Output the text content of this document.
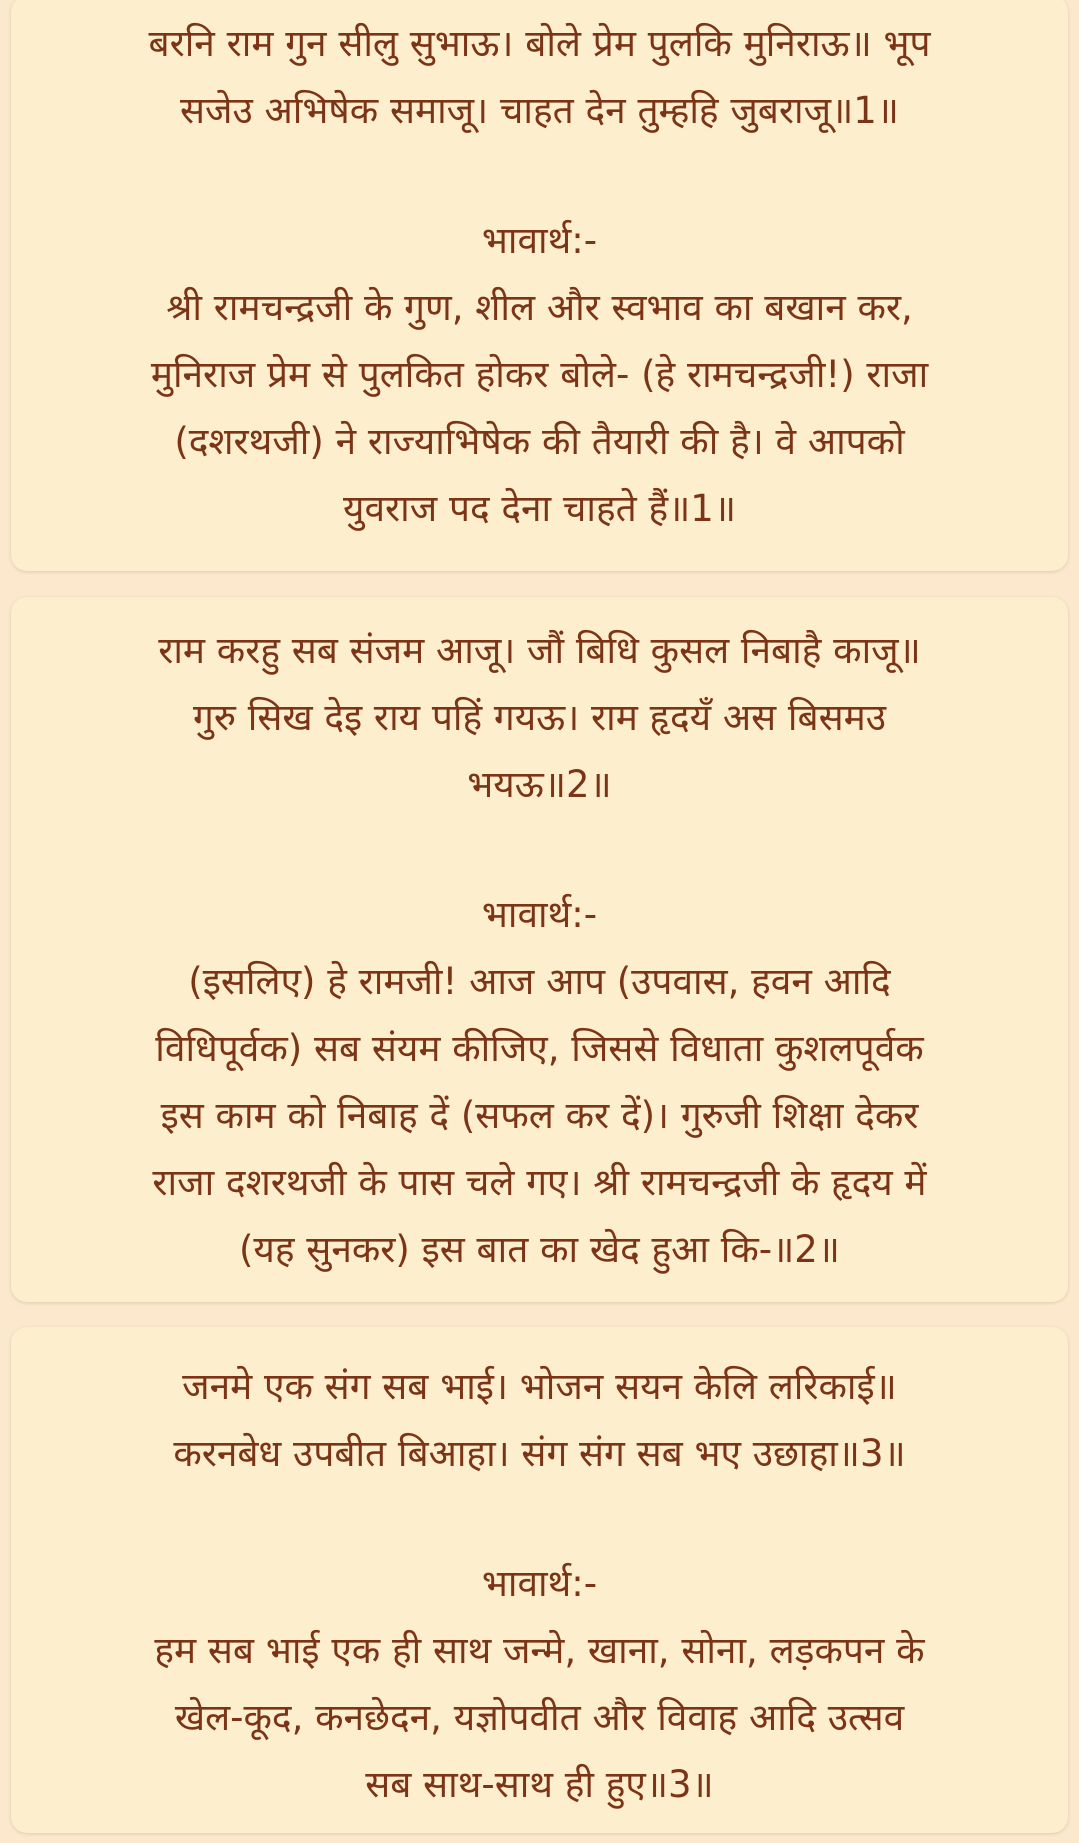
बरनि राम गुन सीलु सुभाऊ। बोले प्रेम पुलकि मुनिराऊ॥ भूप
सजेउ अभिषेक समाजू। चाहत देन तुम्हहि जुबराजू॥1॥
भावार्थ:-
श्री रामचन्द्रजी के गुण, शील और स्वभाव का बखान कर,
मुनिराज प्रेम से पुलकित होकर बोले- (हे रामचन्द्रजी!) राजा
(दशरथजी) ने राज्याभिषेक की तैयारी की है। वे आपको
युवराज पद देना चाहते हैं॥1॥
राम करहु सब संजम आजू। जौं बिधि कुसल निबाहै काजू॥
गुरु सिख देइ राय पहिं गयऊ। राम हृदयँ अस बिसमउ
भयऊ॥2॥
भावार्थ:-
(इसलिए) हे रामजी! आज आप (उपवास, हवन आदि
विधिपूर्वक) सब संयम कीजिए, जिससे विधाता कुशलपूर्वक
इस काम को निबाह दें (सफल कर दें)। गुरुजी शिक्षा देकर
राजा दशरथजी के पास चले गए। श्री रामचन्द्रजी के हृदय में
(यह सुनकर) इस बात का खेद हुआ कि-॥2॥
जनमे एक संग सब भाई। भोजन सयन केलि लरिकाई॥
करनबेध उपबीत बिआहा। संग संग सब भए उछाहा॥3॥
भावार्थ:-
हम सब भाई एक ही साथ जन्मे, खाना, सोना, लड़कपन के
खेल-कूद, कनछेदन, यज्ञोपवीत और विवाह आदि उत्सव
सब साथ-साथ ही हुए॥3॥
